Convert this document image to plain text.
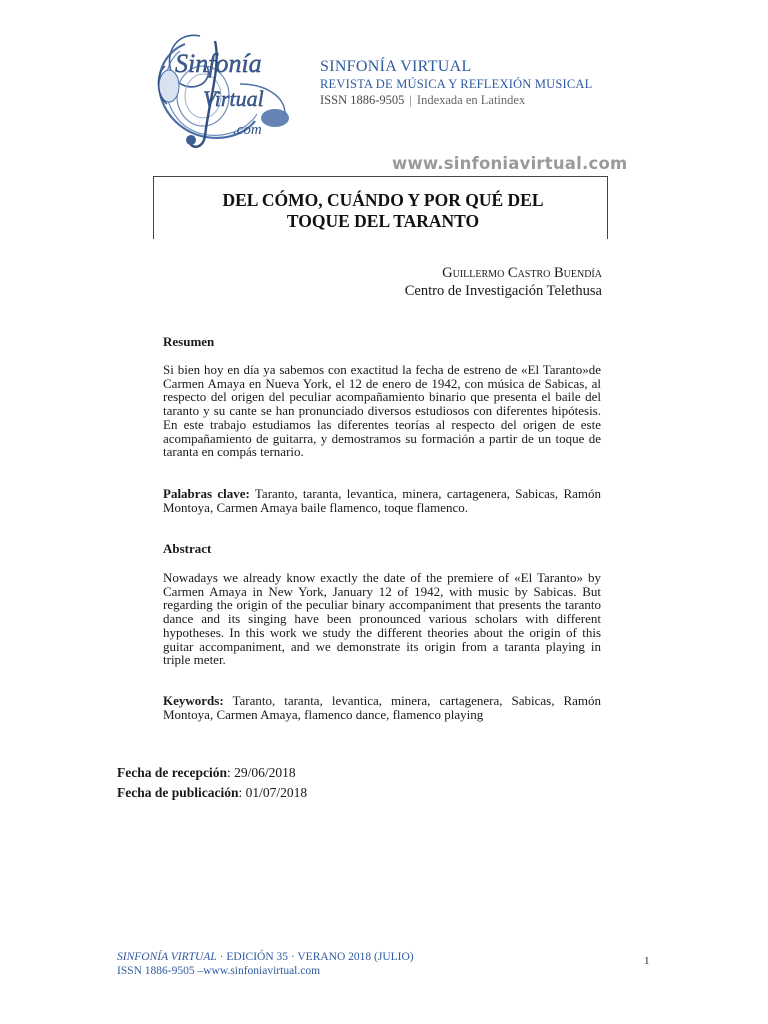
Sinfonía
Virtual
.com
SINFONÍA VIRTUAL
REVISTA DE MÚSICA Y REFLEXIÓN MUSICAL
ISSN 1886-9505 | Indexada en Latindex
www.sinfoniavirtual.com
DEL CÓMO, CUÁNDO Y POR QUÉ DEL
TOQUE DEL TARANTO
Guillermo Castro Buendía
Centro de Investigación Telethusa
Resumen
Si bien hoy en día ya sabemos con exactitud la fecha de estreno de «El Taranto»de Carmen Amaya en Nueva York, el 12 de enero de 1942, con música de Sabicas, al respecto del origen del peculiar acompañamiento binario que presenta el baile del taranto y su cante se han pronunciado diversos estudiosos con diferentes hipótesis. En este trabajo estudiamos las diferentes teorías al respecto del origen de este acompañamiento de guitarra, y demostramos su formación a partir de un toque de taranta en compás ternario.
Palabras clave: Taranto, taranta, levantica, minera, cartagenera, Sabicas, Ramón Montoya, Carmen Amaya baile flamenco, toque flamenco.
Abstract
Nowadays we already know exactly the date of the premiere of «El Taranto» by Carmen Amaya in New York, January 12 of 1942, with music by Sabicas. But regarding the origin of the peculiar binary accompaniment that presents the taranto dance and its singing have been pronounced various scholars with different hypotheses. In this work we study the different theories about the origin of this guitar accompaniment, and we demonstrate its origin from a taranta playing in triple meter.
Keywords: Taranto, taranta, levantica, minera, cartagenera, Sabicas, Ramón Montoya, Carmen Amaya, flamenco dance, flamenco playing
Fecha de recepción: 29/06/2018
Fecha de publicación: 01/07/2018
SINFONÍA VIRTUAL · EDICIÓN 35 · VERANO 2018 (JULIO)
ISSN 1886-9505 –www.sinfoniavirtual.com
1
